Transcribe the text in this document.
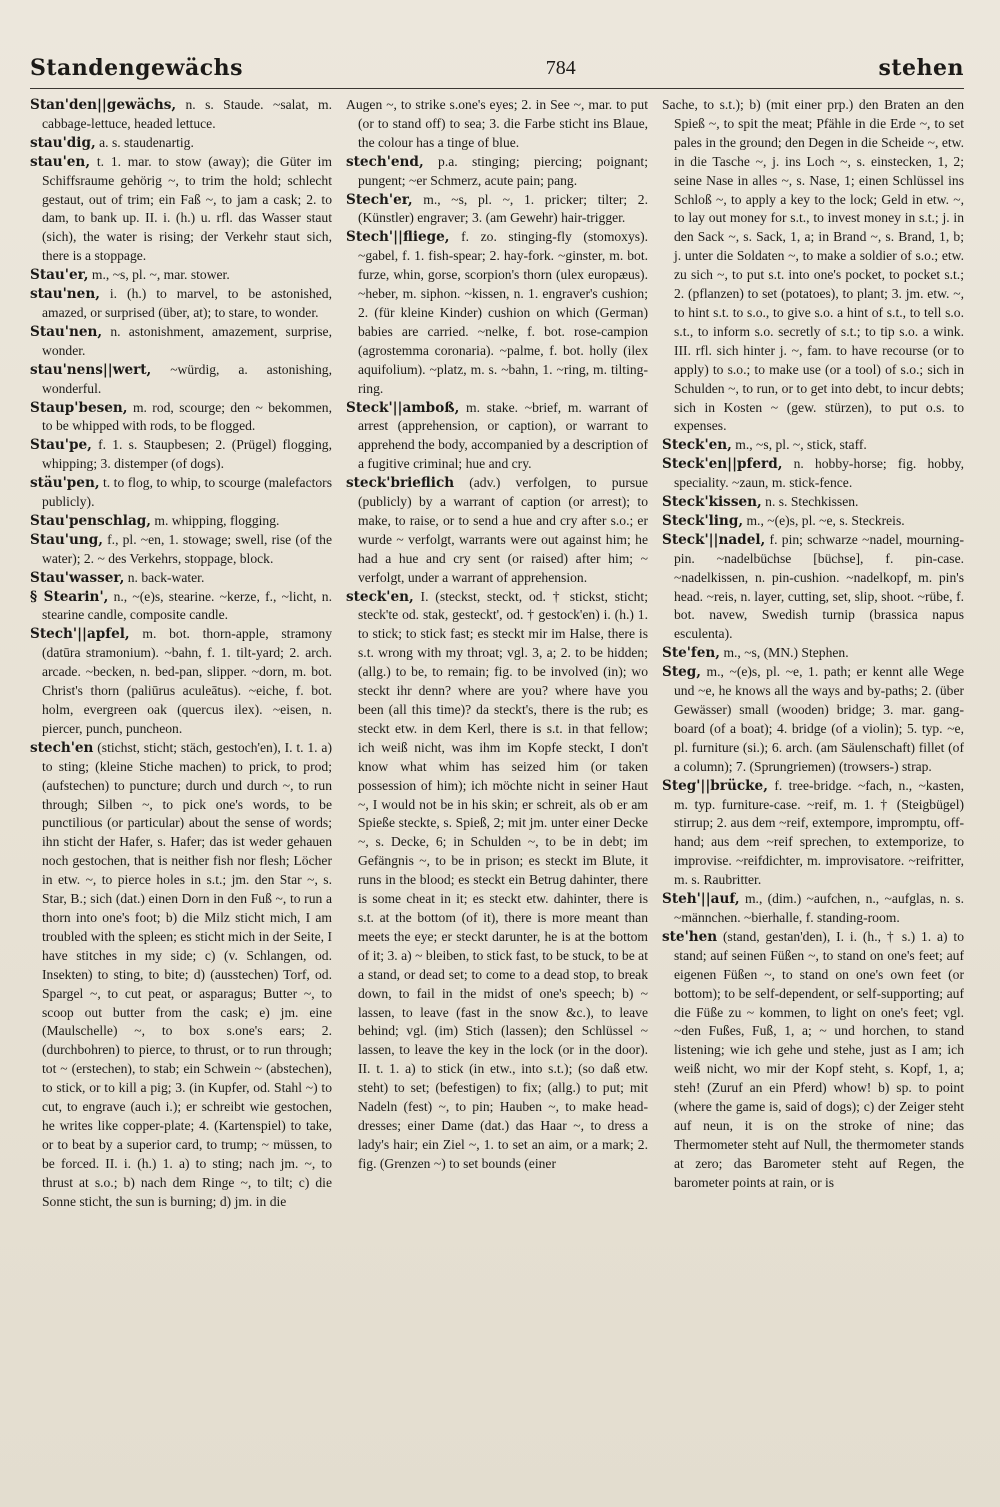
Standengewächs	784	stehen

Stan'den||gewächs, n. s. Staude. ~salat, m. cabbage-lettuce, headed lettuce.

stau'dig, a. s. staudenartig.

stau'en, t. 1. mar. to stow (away); die Güter im Schiffsraume gehörig ~, to trim the hold; schlecht gestaut, out of trim; ein Faß ~, to jam a cask; 2. to dam, to bank up. II. i. (h.) u. rfl. das Wasser staut (sich), the water is rising; der Verkehr staut sich, there is a stoppage.

Stau'er, m., ~s, pl. ~, mar. stower.

stau'nen, i. (h.) to marvel, to be astonished, amazed, or surprised (über, at); to stare, to wonder.

Stau'nen, n. astonishment, amazement, surprise, wonder.

stau'nens||wert, ~würdig, a. astonishing, wonderful.

Staup'besen, m. rod, scourge; den ~ bekommen, to be whipped with rods, to be flogged.

Stau'pe, f. 1. s. Staupbesen; 2. (Prügel) flogging, whipping; 3. distemper (of dogs).

stäu'pen, t. to flog, to whip, to scourge (malefactors publicly).

Stau'penschlag, m. whipping, flogging.

Stau'ung, f., pl. ~en, 1. stowage; swell, rise (of the water); 2. ~ des Verkehrs, stoppage, block.

Stau'wasser, n. back-water.

§ Stearin', n., ~(e)s, stearine. ~kerze, f., ~licht, n. stearine candle, composite candle.

Stech'||apfel, m. bot. thorn-apple, stramony (datūra stramonium). ~bahn, f. 1. tilt-yard; 2. arch. arcade. ~becken, n. bed-pan, slipper. ~dorn, m. bot. Christ's thorn (paliūrus aculeātus). ~eiche, f. bot. holm, evergreen oak (quercus ilex). ~eisen, n. piercer, punch, puncheon.

stech'en (stichst, sticht; stäch, gestoch'en), I. t. 1. a) to sting; (kleine Stiche machen) to prick, to prod; (aufstechen) to puncture; durch und durch ~, to run through; Silben ~, to pick one's words, to be punctilious (or particular) about the sense of words; ihn sticht der Hafer, s. Hafer; das ist weder gehauen noch gestochen, that is neither fish nor flesh; Löcher in etw. ~, to pierce holes in s.t.; jm. den Star ~, s. Star, B.; sich (dat.) einen Dorn in den Fuß ~, to run a thorn into one's foot; b) die Milz sticht mich, I am troubled with the spleen; es sticht mich in der Seite, I have stitches in my side; c) (v. Schlangen, od. Insekten) to sting, to bite; d) (ausstechen) Torf, od. Spargel ~, to cut peat, or asparagus; Butter ~, to scoop out butter from the cask; e) jm. eine (Maulschelle) ~, to box s.one's ears; 2. (durchbohren) to pierce, to thrust, or to run through; tot ~ (erstechen), to stab; ein Schwein ~ (abstechen), to stick, or to kill a pig; 3. (in Kupfer, od. Stahl ~) to cut, to engrave (auch i.); er schreibt wie gestochen, he writes like copper-plate; 4. (Kartenspiel) to take, or to beat by a superior card, to trump; ~ müssen, to be forced. II. i. (h.) 1. a) to sting; nach jm. ~, to thrust at s.o.; b) nach dem Ringe ~, to tilt; c) die Sonne sticht, the sun is burning; d) jm. in die

Augen ~, to strike s.one's eyes; 2. in See ~, mar. to put (or to stand off) to sea; 3. die Farbe sticht ins Blaue, the colour has a tinge of blue.

stech'end, p.a. stinging; piercing; poignant; pungent; ~er Schmerz, acute pain; pang.

Stech'er, m., ~s, pl. ~, 1. pricker; tilter; 2. (Künstler) engraver; 3. (am Gewehr) hair-trigger.

Stech'||fliege, f. zo. stinging-fly (stomoxys). ~gabel, f. 1. fish-spear; 2. hay-fork. ~ginster, m. bot. furze, whin, gorse, scorpion's thorn (ulex europæus). ~heber, m. siphon. ~kissen, n. 1. engraver's cushion; 2. (für kleine Kinder) cushion on which (German) babies are carried. ~nelke, f. bot. rose-campion (agrostemma coronaria). ~palme, f. bot. holly (ilex aquifolium). ~platz, m. s. ~bahn, 1. ~ring, m. tilting-ring.

Steck'||amboß, m. stake. ~brief, m. warrant of arrest (apprehension, or caption), or warrant to apprehend the body, accompanied by a description of a fugitive criminal; hue and cry.

steck'brieflich (adv.) verfolgen, to pursue (publicly) by a warrant of caption (or arrest); to make, to raise, or to send a hue and cry after s.o.; er wurde ~ verfolgt, warrants were out against him; he had a hue and cry sent (or raised) after him; ~ verfolgt, under a warrant of apprehension.

steck'en, I. (steckst, steckt, od. † stickst, sticht; steck'te od. stak, gesteckt', od. † gestock'en) i. (h.) 1. to stick; to stick fast; es steckt mir im Halse, there is s.t. wrong with my throat; vgl. 3, a; 2. to be hidden; (allg.) to be, to remain; fig. to be involved (in); wo steckt ihr denn? where are you? where have you been (all this time)? da steckt's, there is the rub; es steckt etw. in dem Kerl, there is s.t. in that fellow; ich weiß nicht, was ihm im Kopfe steckt, I don't know what whim has seized him (or taken possession of him); ich möchte nicht in seiner Haut ~, I would not be in his skin; er schreit, als ob er am Spieße steckte, s. Spieß, 2; mit jm. unter einer Decke ~, s. Decke, 6; in Schulden ~, to be in debt; im Gefängnis ~, to be in prison; es steckt im Blute, it runs in the blood; es steckt ein Betrug dahinter, there is some cheat in it; es steckt etw. dahinter, there is s.t. at the bottom (of it), there is more meant than meets the eye; er steckt darunter, he is at the bottom of it; 3. a) ~ bleiben, to stick fast, to be stuck, to be at a stand, or dead set; to come to a dead stop, to break down, to fail in the midst of one's speech; b) ~ lassen, to leave (fast in the snow &c.), to leave behind; vgl. (im) Stich (lassen); den Schlüssel ~ lassen, to leave the key in the lock (or in the door). II. t. 1. a) to stick (in etw., into s.t.); (so daß etw. steht) to set; (befestigen) to fix; (allg.) to put; mit Nadeln (fest) ~, to pin; Hauben ~, to make head-dresses; einer Dame (dat.) das Haar ~, to dress a lady's hair; ein Ziel ~, 1. to set an aim, or a mark; 2. fig. (Grenzen ~) to set bounds (einer

Sache, to s.t.); b) (mit einer prp.) den Braten an den Spieß ~, to spit the meat; Pfähle in die Erde ~, to set pales in the ground; den Degen in die Scheide ~, etw. in die Tasche ~, j. ins Loch ~, s. einstecken, 1, 2; seine Nase in alles ~, s. Nase, 1; einen Schlüssel ins Schloß ~, to apply a key to the lock; Geld in etw. ~, to lay out money for s.t., to invest money in s.t.; j. in den Sack ~, s. Sack, 1, a; in Brand ~, s. Brand, 1, b; j. unter die Soldaten ~, to make a soldier of s.o.; etw. zu sich ~, to put s.t. into one's pocket, to pocket s.t.; 2. (pflanzen) to set (potatoes), to plant; 3. jm. etw. ~, to hint s.t. to s.o., to give s.o. a hint of s.t., to tell s.o. s.t., to inform s.o. secretly of s.t.; to tip s.o. a wink. III. rfl. sich hinter j. ~, fam. to have recourse (or to apply) to s.o.; to make use (or a tool) of s.o.; sich in Schulden ~, to run, or to get into debt, to incur debts; sich in Kosten ~ (gew. stürzen), to put o.s. to expenses.

Steck'en, m., ~s, pl. ~, stick, staff.

Steck'en||pferd, n. hobby-horse; fig. hobby, speciality. ~zaun, m. stick-fence.

Steck'kissen, n. s. Stechkissen.

Steck'ling, m., ~(e)s, pl. ~e, s. Steckreis.

Steck'||nadel, f. pin; schwarze ~nadel, mourning-pin. ~nadelbüchse [büchse], f. pin-case. ~nadelkissen, n. pin-cushion. ~nadelkopf, m. pin's head. ~reis, n. layer, cutting, set, slip, shoot. ~rübe, f. bot. navew, Swedish turnip (brassica napus esculenta).

Ste'fen, m., ~s, (MN.) Stephen.

Steg, m., ~(e)s, pl. ~e, 1. path; er kennt alle Wege und ~e, he knows all the ways and by-paths; 2. (über Gewässer) small (wooden) bridge; 3. mar. gang-board (of a boat); 4. bridge (of a violin); 5. typ. ~e, pl. furniture (si.); 6. arch. (am Säulenschaft) fillet (of a column); 7. (Sprungriemen) (trowsers-) strap.

Steg'||brücke, f. tree-bridge. ~fach, n., ~kasten, m. typ. furniture-case. ~reif, m. 1. † (Steigbügel) stirrup; 2. aus dem ~reif, extempore, impromptu, off-hand; aus dem ~reif sprechen, to extemporize, to improvise. ~reifdichter, m. improvisatore. ~reifritter, m. s. Raubritter.

Steh'||auf, m., (dim.) ~aufchen, n., ~aufglas, n. s. ~männchen. ~bierhalle, f. standing-room.

ste'hen (stand, gestan'den), I. i. (h., † s.) 1. a) to stand; auf seinen Füßen ~, to stand on one's feet; auf eigenen Füßen ~, to stand on one's own feet (or bottom); to be self-dependent, or self-supporting; auf die Füße zu ~ kommen, to light on one's feet; vgl. ~den Fußes, Fuß, 1, a; ~ und horchen, to stand listening; wie ich gehe und stehe, just as I am; ich weiß nicht, wo mir der Kopf steht, s. Kopf, 1, a; steh! (Zuruf an ein Pferd) whow! b) sp. to point (where the game is, said of dogs); c) der Zeiger steht auf neun, it is on the stroke of nine; das Thermometer steht auf Null, the thermometer stands at zero; das Barometer steht auf Regen, the barometer points at rain, or is
